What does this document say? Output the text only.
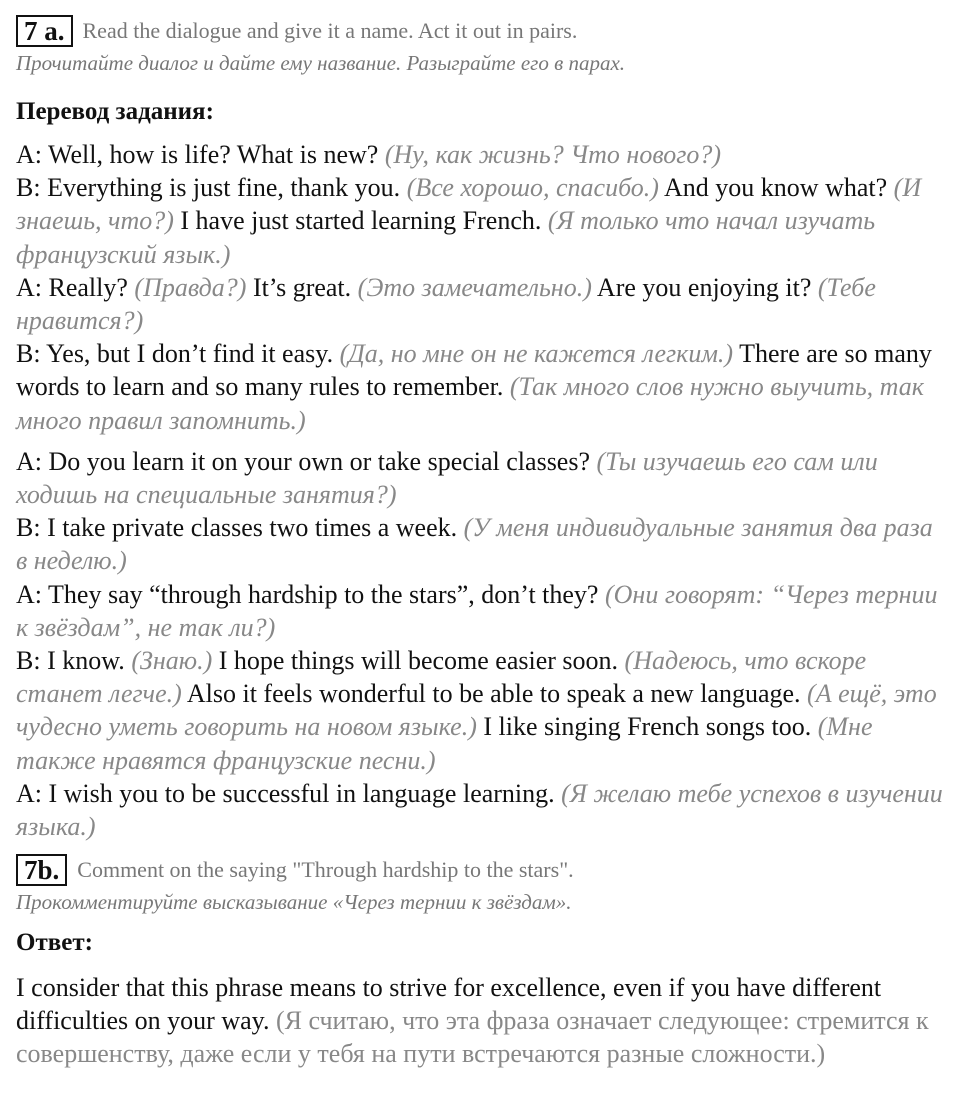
7 a. Read the dialogue and give it a name. Act it out in pairs.
Прочитайте диалог и дайте ему название. Разыграйте его в парах.
Перевод задания:
A: Well, how is life? What is new? (Ну, как жизнь? Что нового?)
B: Everything is just fine, thank you. (Все хорошо, спасибо.) And you know what? (И знаешь, что?) I have just started learning French. (Я только что начал изучать французский язык.)
A: Really? (Правда?) It’s great. (Это замечательно.) Are you enjoying it? (Тебе нравится?)
B: Yes, but I don’t find it easy. (Да, но мне он не кажется легким.) There are so many words to learn and so many rules to remember. (Так много слов нужно выучить, так много правил запомнить.)
A: Do you learn it on your own or take special classes? (Ты изучаешь его сам или ходишь на специальные занятия?)
B: I take private classes two times a week. (У меня индивидуальные занятия два раза в неделю.)
A: They say “through hardship to the stars”, don’t they? (Они говорят: “Через тернии к звёздам”, не так ли?)
B: I know. (Знаю.) I hope things will become easier soon. (Надеюсь, что вскоре станет легче.) Also it feels wonderful to be able to speak a new language. (А ещё, это чудесно уметь говорить на новом языке.) I like singing French songs too. (Мне также нравятся французские песни.)
A: I wish you to be successful in language learning. (Я желаю тебе успехов в изучении языка.)
7b. Comment on the saying "Through hardship to the stars".
Прокомментируйте высказывание «Через тернии к звёздам».
Ответ:
I consider that this phrase means to strive for excellence, even if you have different difficulties on your way. (Я считаю, что эта фраза означает следующее: стремится к совершенству, даже если у тебя на пути встречаются разные сложности.)
